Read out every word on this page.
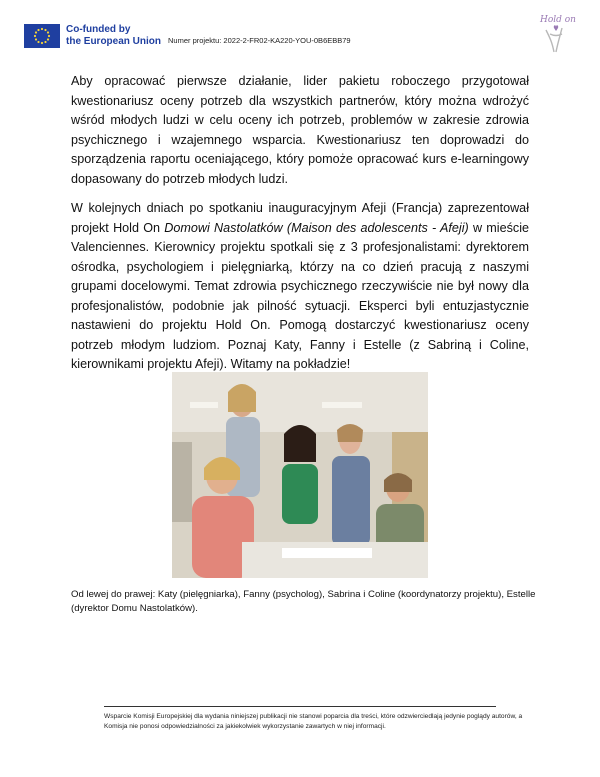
Co-funded by
the European Union Numer projektu: 2022-2-FR02-KA220-YOU-0B6EBB79
Hold on

Aby opracować pierwsze działanie, lider pakietu roboczego przygotował kwestionariusz oceny potrzeb dla wszystkich partnerów, który można wdrożyć wśród młodych ludzi w celu oceny ich potrzeb, problemów w zakresie zdrowia psychicznego i wzajemnego wsparcia. Kwestionariusz ten doprowadzi do sporządzenia raportu oceniającego, który pomoże opracować kurs e-learningowy dopasowany do potrzeb młodych ludzi.

W kolejnych dniach po spotkaniu inauguracyjnym Afeji (Francja) zaprezentował projekt Hold On Domowi Nastolatków (Maison des adolescents - Afeji) w mieście Valenciennes. Kierownicy projektu spotkali się z 3 profesjonalistami: dyrektorem ośrodka, psychologiem i pielęgniarką, którzy na co dzień pracują z naszymi grupami docelowymi. Temat zdrowia psychicznego rzeczywiście nie był nowy dla profesjonalistów, podobnie jak pilność sytuacji. Eksperci byli entuzjastycznie nastawieni do projektu Hold On. Pomogą dostarczyć kwestionariusz oceny potrzeb młodym ludziom. Poznaj Katy, Fanny i Estelle (z Sabriną i Coline, kierownikami projektu Afeji). Witamy na pokładzie!

Od lewej do prawej: Katy (pielęgniarka), Fanny (psycholog), Sabrina i Coline (koordynatorzy projektu), Estelle (dyrektor Domu Nastolatków).
Wsparcie Komisji Europejskiej dla wydania niniejszej publikacji nie stanowi poparcia dla treści, które odzwierciedlają jedynie poglądy autorów, a Komisja nie ponosi odpowiedzialności za jakiekolwiek wykorzystanie zawartych w niej informacji.
